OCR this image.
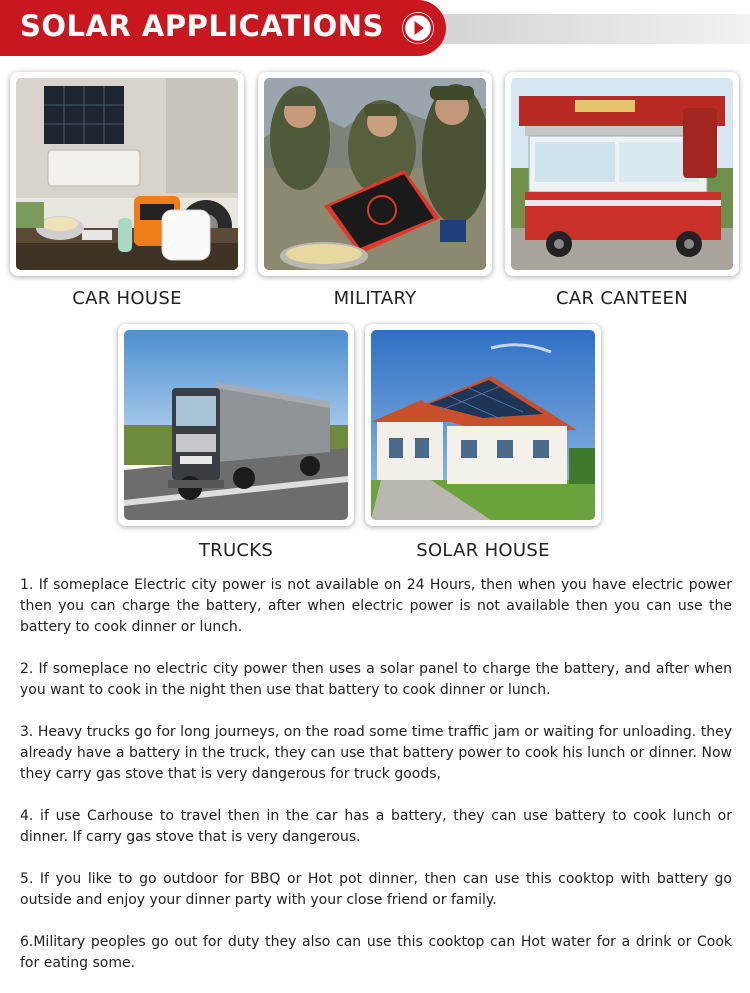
SOLAR APPLICATIONS
CAR HOUSE	MILITARY	CAR CANTEEN
TRUCKS	SOLAR HOUSE
1. If someplace Electric city power is not available on 24 Hours, then when you have electric power then you can charge the battery, after when electric power is not available then you can use the battery to cook dinner or lunch.
2. If someplace no electric city power then uses a solar panel to charge the battery, and after when you want to cook in the night then use that battery to cook dinner or lunch.
3. Heavy trucks go for long journeys, on the road some time traffic jam or waiting for unloading. they already have a battery in the truck, they can use that battery power to cook his lunch or dinner. Now they carry gas stove that is very dangerous for truck goods,
4. if use Carhouse to travel then in the car has a battery, they can use battery to cook lunch or dinner. If carry gas stove that is very dangerous.
5. If you like to go outdoor for BBQ or Hot pot dinner, then can use this cooktop with battery go outside and enjoy your dinner party with your close friend or family.
6.Military peoples go out for duty they also can use this cooktop can Hot water for a drink or Cook for eating some.
